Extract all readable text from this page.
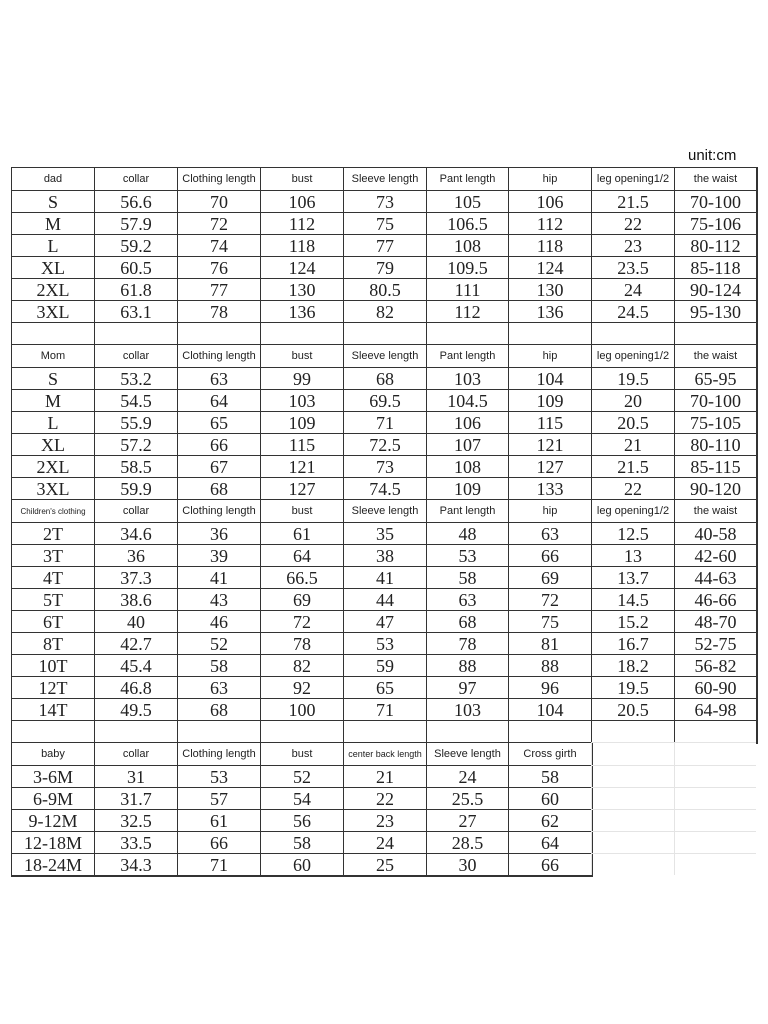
unit:cm
dad	collar	Clothing length	bust	Sleeve length	Pant length	hip	leg opening1/2	the waist
S	56.6	70	106	73	105	106	21.5	70-100
M	57.9	72	112	75	106.5	112	22	75-106
L	59.2	74	118	77	108	118	23	80-112
XL	60.5	76	124	79	109.5	124	23.5	85-118
2XL	61.8	77	130	80.5	111	130	24	90-124
3XL	63.1	78	136	82	112	136	24.5	95-130
Mom	collar	Clothing length	bust	Sleeve length	Pant length	hip	leg opening1/2	the waist
S	53.2	63	99	68	103	104	19.5	65-95
M	54.5	64	103	69.5	104.5	109	20	70-100
L	55.9	65	109	71	106	115	20.5	75-105
XL	57.2	66	115	72.5	107	121	21	80-110
2XL	58.5	67	121	73	108	127	21.5	85-115
3XL	59.9	68	127	74.5	109	133	22	90-120
Children's clothing	collar	Clothing length	bust	Sleeve length	Pant length	hip	leg opening1/2	the waist
2T	34.6	36	61	35	48	63	12.5	40-58
3T	36	39	64	38	53	66	13	42-60
4T	37.3	41	66.5	41	58	69	13.7	44-63
5T	38.6	43	69	44	63	72	14.5	46-66
6T	40	46	72	47	68	75	15.2	48-70
8T	42.7	52	78	53	78	81	16.7	52-75
10T	45.4	58	82	59	88	88	18.2	56-82
12T	46.8	63	92	65	97	96	19.5	60-90
14T	49.5	68	100	71	103	104	20.5	64-98
baby	collar	Clothing length	bust	center back length	Sleeve length	Cross girth
3-6M	31	53	52	21	24	58
6-9M	31.7	57	54	22	25.5	60
9-12M	32.5	61	56	23	27	62
12-18M	33.5	66	58	24	28.5	64
18-24M	34.3	71	60	25	30	66
